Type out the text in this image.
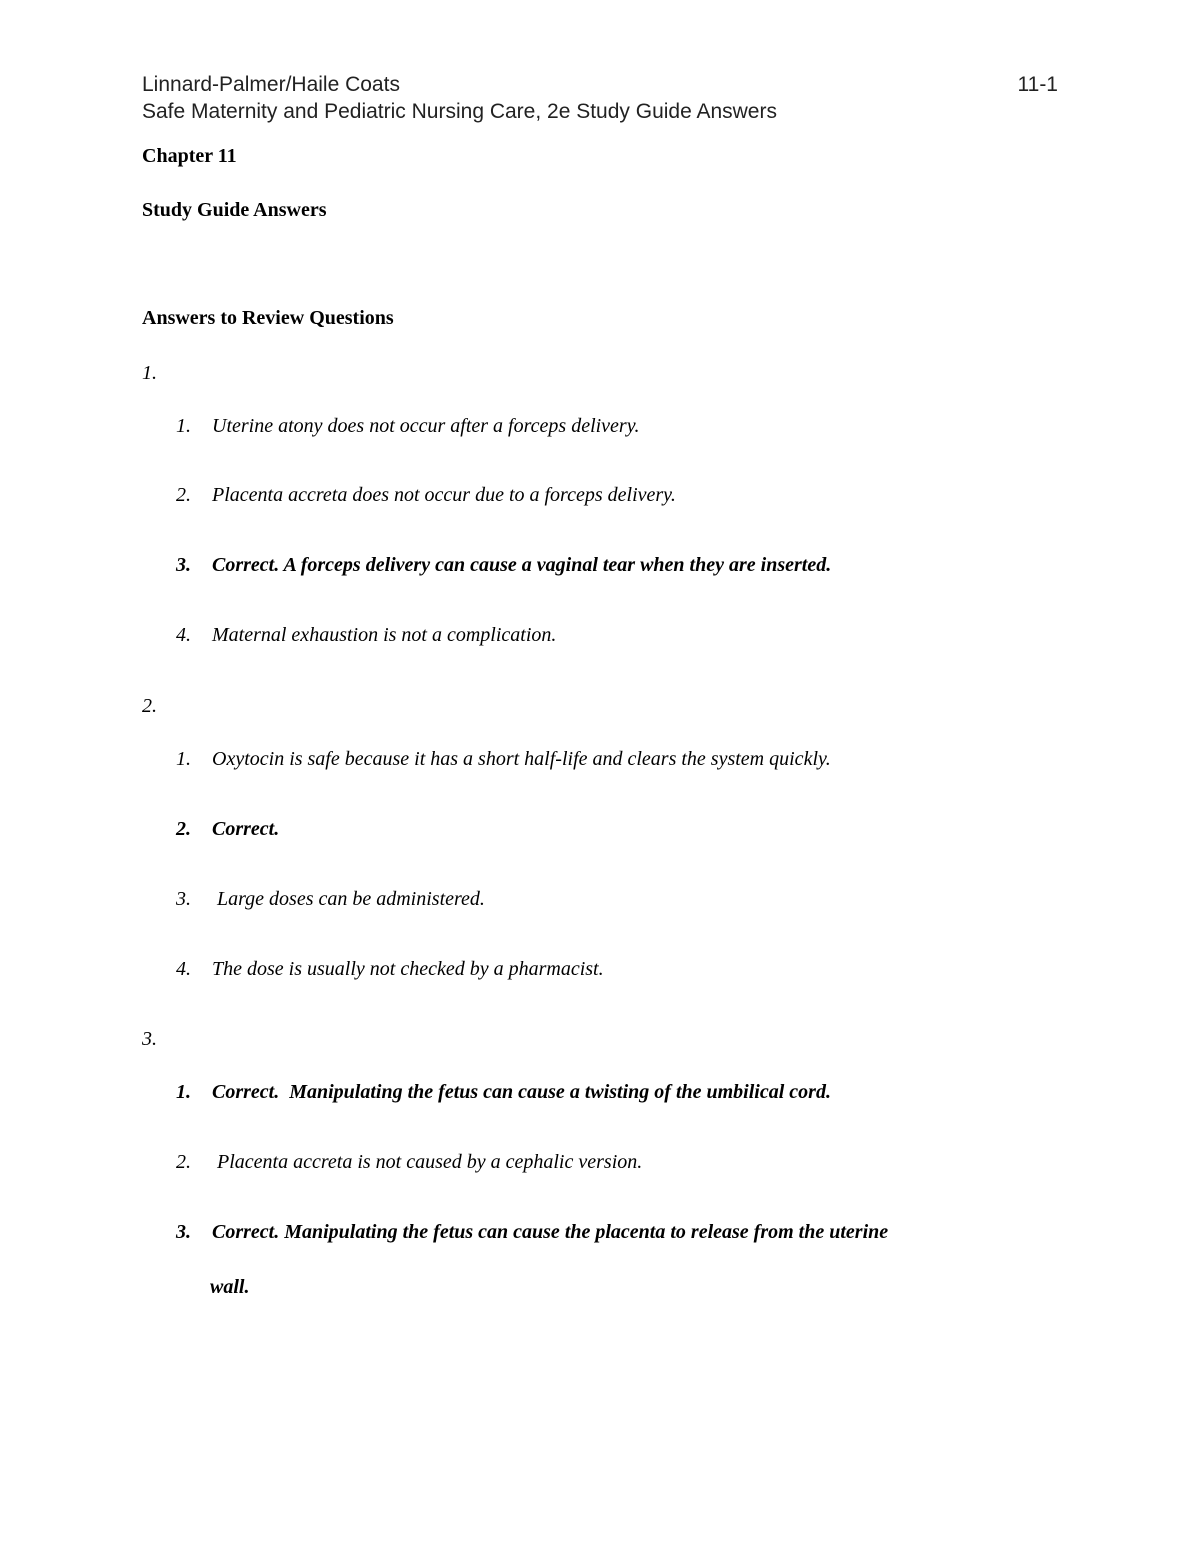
Linnard-Palmer/Haile Coats	11-1
Safe Maternity and Pediatric Nursing Care, 2e Study Guide Answers
Chapter 11
Study Guide Answers
Answers to Review Questions
1.
1. Uterine atony does not occur after a forceps delivery.
2. Placenta accreta does not occur due to a forceps delivery.
3. Correct. A forceps delivery can cause a vaginal tear when they are inserted.
4. Maternal exhaustion is not a complication.
2.
1. Oxytocin is safe because it has a short half-life and clears the system quickly.
2. Correct.
3. Large doses can be administered.
4. The dose is usually not checked by a pharmacist.
3.
1. Correct.  Manipulating the fetus can cause a twisting of the umbilical cord.
2. Placenta accreta is not caused by a cephalic version.
3. Correct. Manipulating the fetus can cause the placenta to release from the uterine
wall.
